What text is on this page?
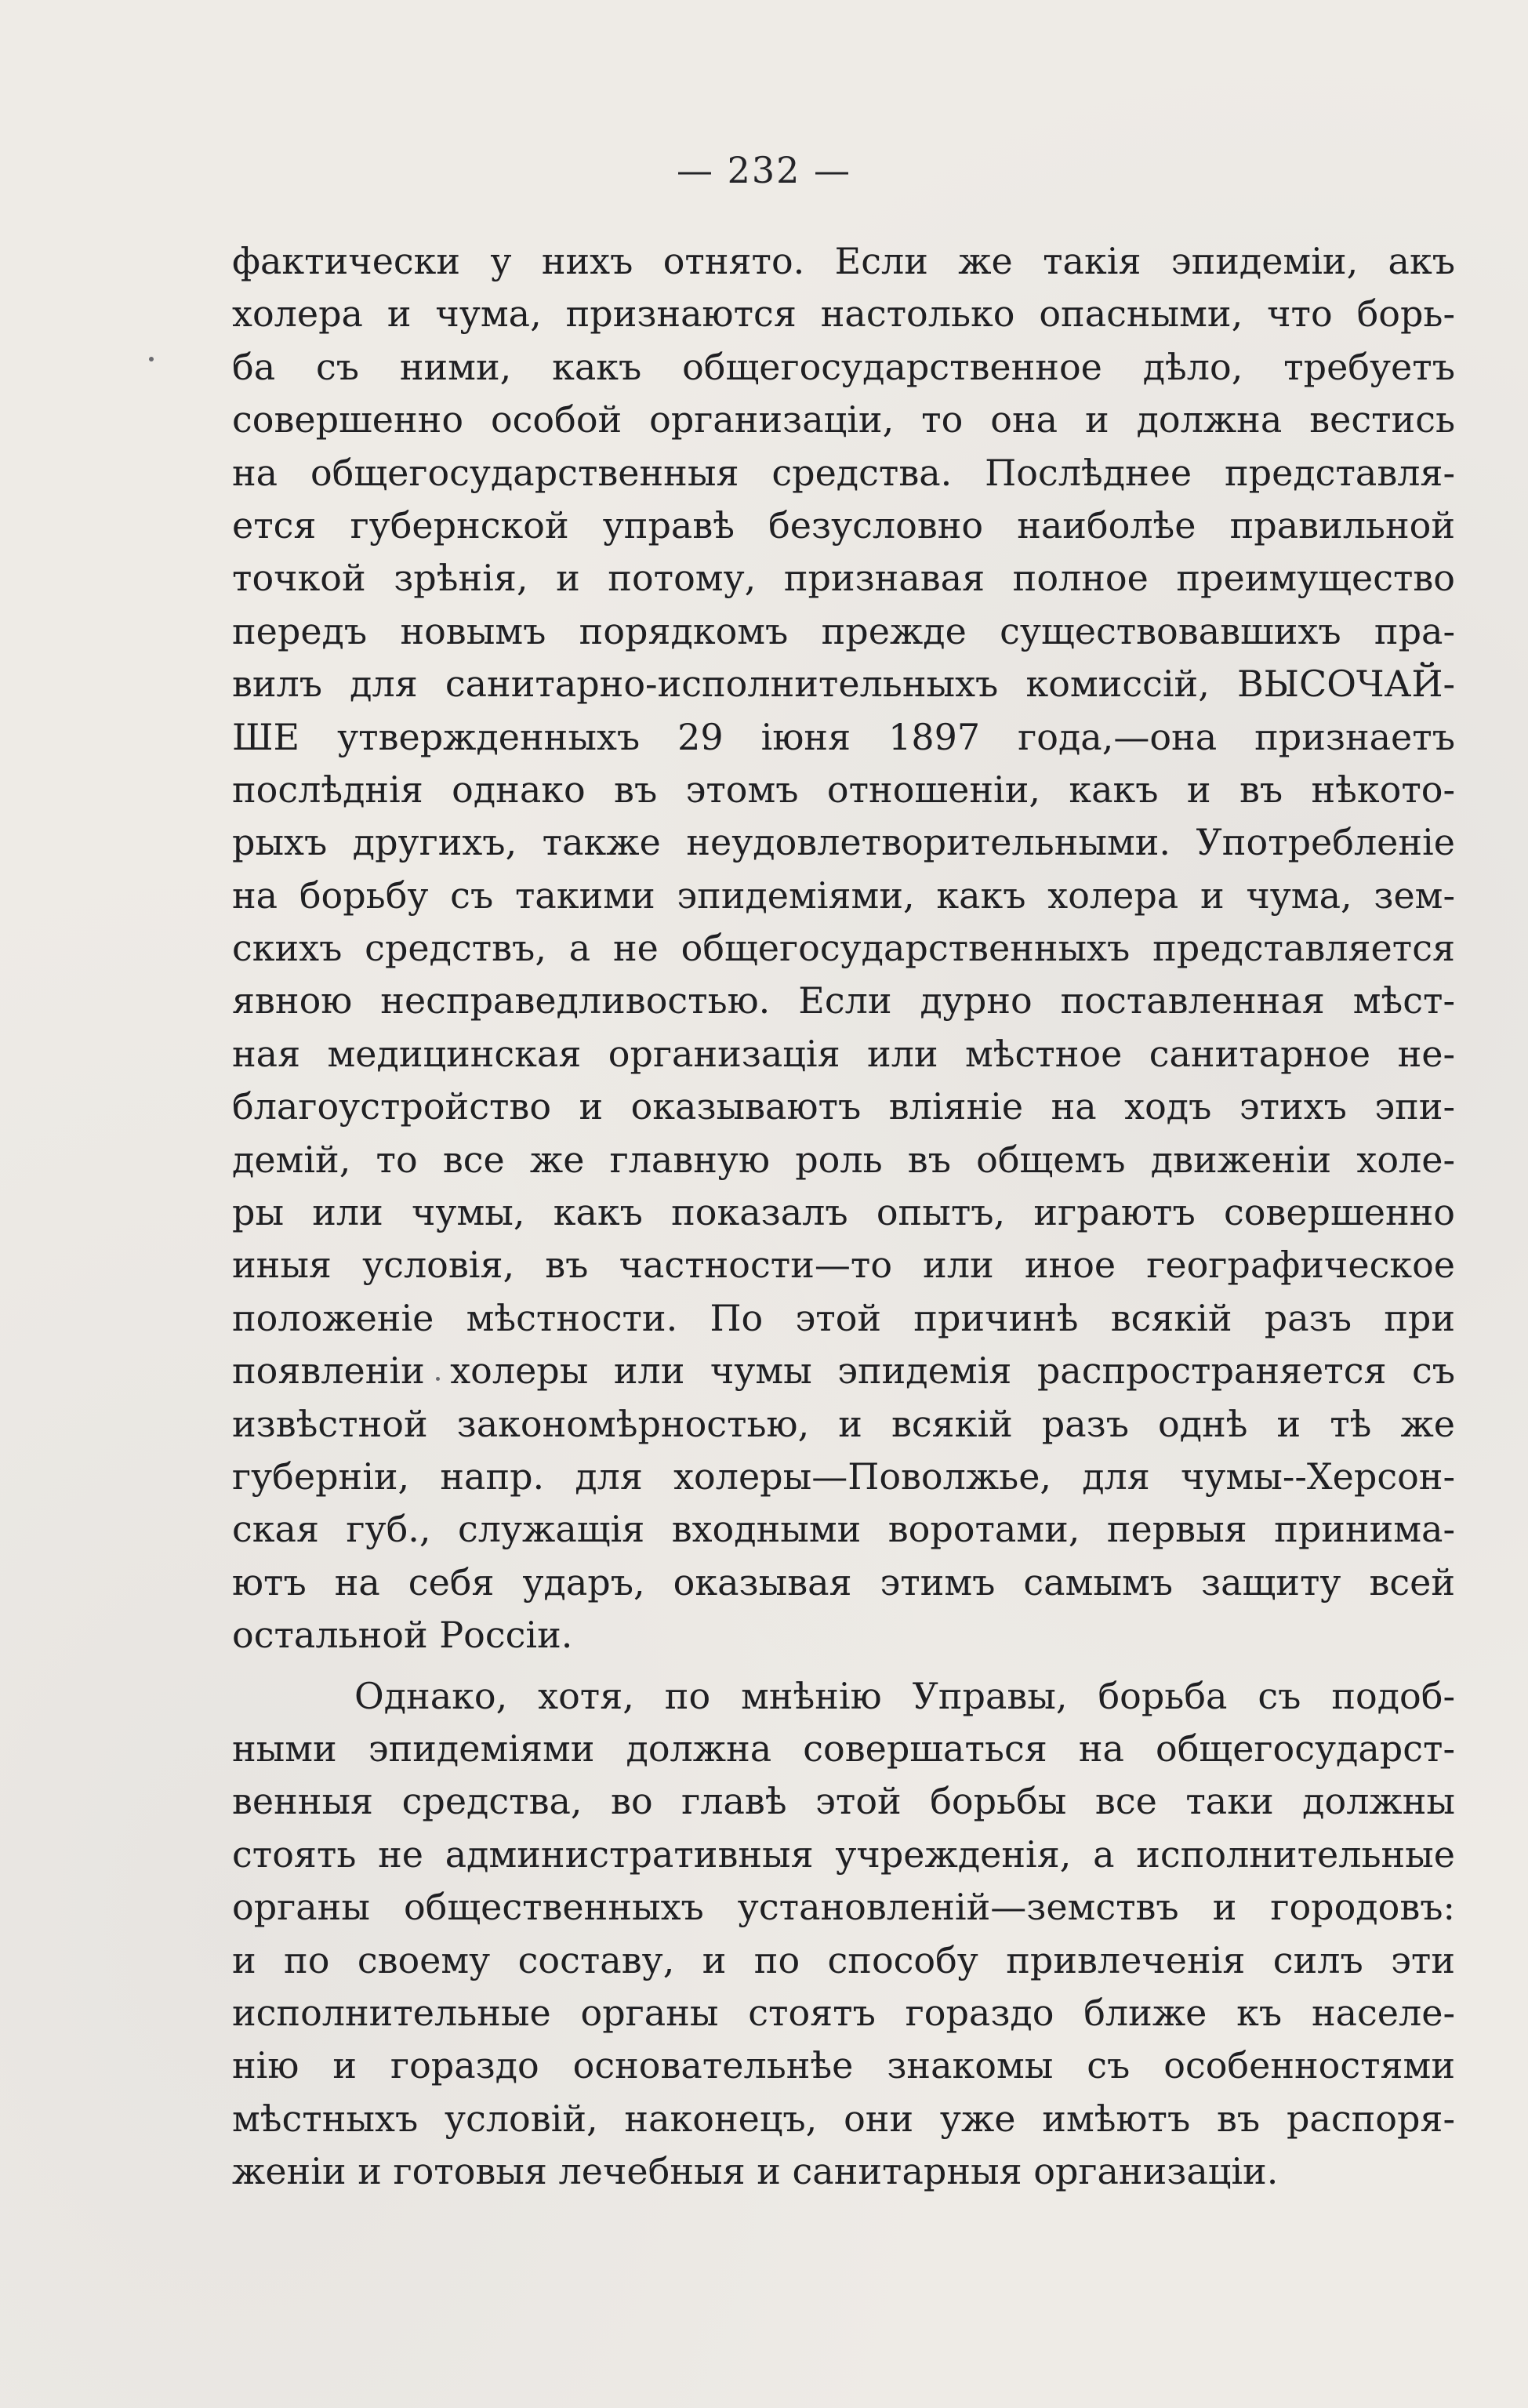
— 232 —

фактически у нихъ отнято. Если же такія эпидеміи, акъ
холера и чума, признаются настолько опасными, что борь-
ба съ ними, какъ общегосударственное дѣло, требуетъ
совершенно особой организаціи, то она и должна вестись
на общегосударственныя средства. Послѣднее представля-
ется губернской управѣ безусловно наиболѣе правильной
точкой зрѣнія, и потому, признавая полное преимущество
передъ новымъ порядкомъ прежде существовавшихъ пра-
вилъ для санитарно-исполнительныхъ комиссій, ВЫСОЧАЙ-
ШЕ утвержденныхъ 29 іюня 1897 года,—она признаетъ
послѣднія однако въ этомъ отношеніи, какъ и въ нѣкото-
рыхъ другихъ, также неудовлетворительными. Употребленіе
на борьбу съ такими эпидеміями, какъ холера и чума, зем-
скихъ средствъ, а не общегосударственныхъ представляется
явною несправедливостью. Если дурно поставленная мѣст-
ная медицинская организація или мѣстное санитарное не-
благоустройство и оказываютъ вліяніе на ходъ этихъ эпи-
демій, то все же главную роль въ общемъ движеніи холе-
ры или чумы, какъ показалъ опытъ, играютъ совершенно
иныя условія, въ частности—то или иное географическое
положеніе мѣстности. По этой причинѣ всякій разъ при
появленіи холеры или чумы эпидемія распространяется съ
извѣстной закономѣрностью, и всякій разъ однѣ и тѣ же
губерніи, напр. для холеры—Поволжье, для чумы--Херсон-
ская губ., служащія входными воротами, первыя принима-
ютъ на себя ударъ, оказывая этимъ самымъ защиту всей
остальной Россіи.

Однако, хотя, по мнѣнію Управы, борьба съ подоб-
ными эпидеміями должна совершаться на общегосударст-
венныя средства, во главѣ этой борьбы все таки должны
стоять не административныя учрежденія, а исполнительные
органы общественныхъ установленій—земствъ и городовъ:
и по своему составу, и по способу привлеченія силъ эти
исполнительные органы стоятъ гораздо ближе къ населе-
нію и гораздо основательнѣе знакомы съ особенностями
мѣстныхъ условій, наконецъ, они уже имѣютъ въ распоря-
женіи и готовыя лечебныя и санитарныя организаціи.
